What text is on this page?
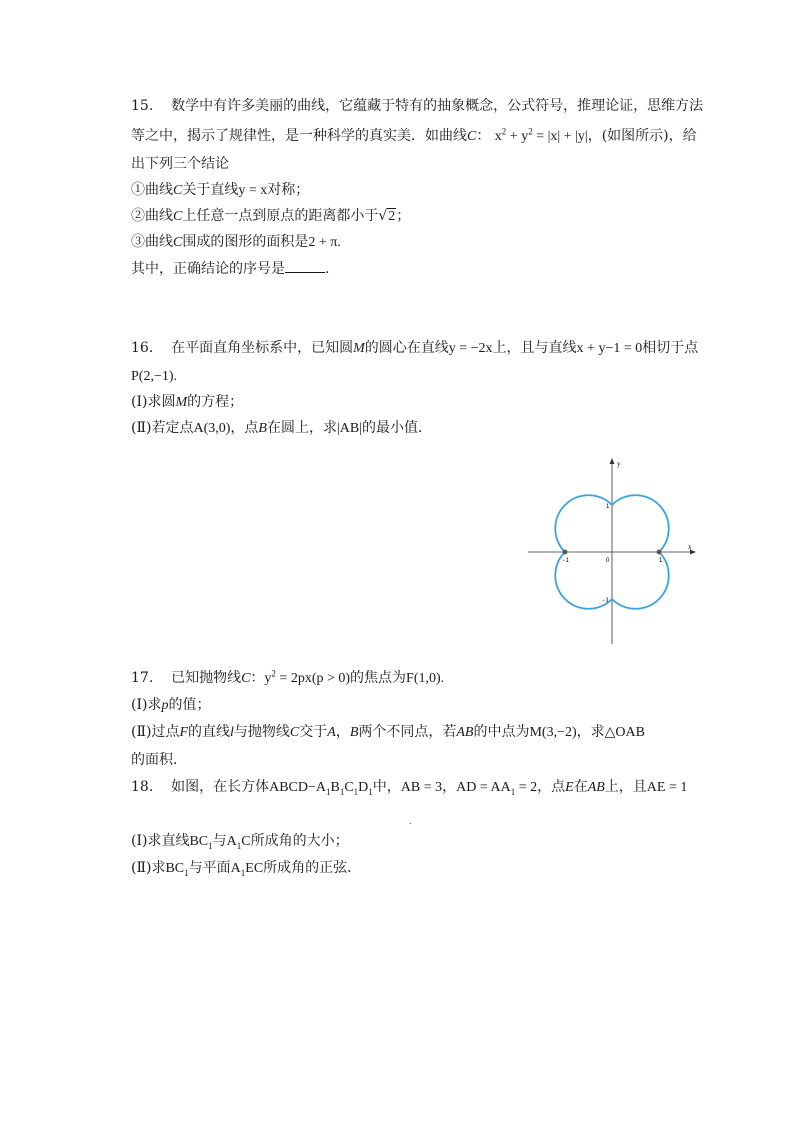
15. 数学中有许多美丽的曲线，它蕴藏于特有的抽象概念，公式符号，推理论证，思维方法
等之中，揭示了规律性，是一种科学的真实美．如曲线C： $x^2 + y^2 = |x| + |y|$，(如图所示)，给
出下列三个结论
①曲线C关于直线y = x对称；
②曲线C上任意一点到原点的距离都小于√2；
③曲线C围成的图形的面积是2 + π.
其中，正确结论的序号是	.
16. 在平面直角坐标系中，已知圆M的圆心在直线y = −2x上，且与直线x + y−1 = 0相切于点
P(2,−1).
(Ⅰ)求圆M的方程；
(Ⅱ)若定点A(3,0)，点B在圆上，求|AB|的最小值．
x
y
0	1
−1
1
−1
17. 已知抛物线C：$y^2 = 2px(p > 0)$的焦点为F(1,0).
(Ⅰ)求p的值；
(Ⅱ)过点F的直线l与抛物线C交于A，B两个不同点，若AB的中点为M(3,−2)，求△OAB
的面积．
18. 如图，在长方体$ABCD-A_1B_1C_1D_1$中，AB = 3，AD = $AA_1 = 2$，点E在AB上，且AE = 1
.
(Ⅰ)求直线$BC_1$与$A_1C$所成角的大小；
(Ⅱ)求$BC_1$与平面$A_1EC$所成角的正弦．
